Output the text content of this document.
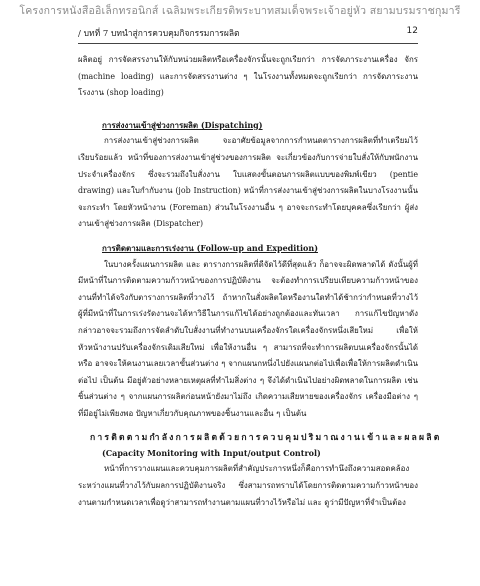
โครงการหนังสืออิเล็กทรอนิกส์ เฉลิมพระเกียรติพระบาทสมเด็จพระเจ้าอยู่หัว สยามบรมราชกุมารี
/ บทที่ 7 บทนำสู่การควบคุมกิจกรรมการผลิต	12

ผลิตอยู่ การจัดสรรงานให้กับหน่วยผลิตหรือเครื่องจักรนั้นจะถูกเรียกว่า การจัดภาระงานเครื่อง จักร (machine loading) และการจัดสรรงานต่าง ๆ ในโรงงานทั้งหมดจะถูกเรียกว่า การจัดภาระงาน โรงงาน (shop loading)

การส่งงานเข้าสู่ช่วงการผลิต (Dispatching)

การส่งงานเข้าสู่ช่วงการผลิต จะอาศัยข้อมูลจากการกำหนดตารางการผลิตที่ทำเตรียมไว้เรียบร้อยแล้ว หน้าที่ของการส่งงานเข้าสู่ช่วงของการผลิต จะเกี่ยวข้องกับการจ่ายใบสั่งให้กับพนักงานประจำเครื่องจักร ซึ่งจะรวมถึงใบสั่งงาน ใบแสดงขั้นตอนการผลิตแบบของพิมพ์เขียว (pentie drawing) และใบกำกับงาน (job Instruction) หน้าที่การส่งงานเข้าสู่ช่วงการผลิตในบางโรงงานนั้น จะกระทำ โดยหัวหน้างาน (Foreman) ส่วนในโรงงานอื่น ๆ อาจจะกระทำโดยบุคคลซึ่งเรียกว่า ผู้ส่งงานเข้าสู่ช่วงการผลิต (Dispatcher)

การติดตามและการเร่งงาน (Follow-up and Expedition)

ในบางครั้งแผนการผลิต และ ตารางการผลิตที่ดีจัดไว้ดีที่สุดแล้ว ก็อาจจะผิดพลาดได้ ดังนั้นผู้ที่มีหน้าที่ในการติดตามความก้าวหน้าของการปฏิบัติงาน จะต้องทำการเปรียบเทียบความก้าวหน้าของงานที่ทำได้จริงกับตารางการผลิตที่วางไว้ ถ้าหากในสั่งผลิตใดหรืองานใดทำได้ช้ากว่ากำหนดที่วางไว้ ผู้ที่มีหน้าที่ในการเร่งรัดงานจะได้หาวิธีในการแก้ไขได้อย่างถูกต้องและทันเวลา การแก้ไขปัญหาดังกล่าวอาจจะรวมถึงการจัดลำดับใบสั่งงานที่ทำงานบนเครื่องจักรใดเครื่องจักรหนึ่งเสียใหม่ เพื่อให้หัวหน้างานปรับเครื่องจักรเดิมเสียใหม่ เพื่อให้งานอื่น ๆ สามารถที่จะทำการผลิตบนเครื่องจักรนั้นได้ หรือ อาจจะให้คนงานเลยเวลาขั้นส่วนต่าง ๆ จากแผนกหนึ่งไปยังแผนกต่อไปเพื่อเพื่อให้การผลิตดำเนินต่อไป เป็นต้น มีอยู่ตัวอย่างหลายเหตุผลที่ทำไมสิ่งต่าง ๆ จึงได้ดำเนินไปอย่างผิดพลาดในการผลิต เช่น ชิ้นส่วนต่าง ๆ จากแผนการผลิตก่อนหน้ายังมาไม่ถึง เกิดความเสียหายของเครื่องจักร เครื่องมือต่าง ๆ ที่มีอยู่ไม่เพียงพอ ปัญหาเกี่ยวกับคุณภาพของชิ้นงานและอื่น ๆ เป็นต้น

การติดตามกำลังการผลิตด้วยการควบคุมปริมาณงานเข้าและผลผลิต
(Capacity Monitoring with Input/output Control)

หน้าที่การวางแผนและควบคุมการผลิตที่สำคัญประการหนึ่งก็คือการทำนึงถึงความสอดคล้องระหว่างแผนที่วางไว้กับผลการปฏิบัติงานจริง ซึ่งสามารถทราบได้โดยการติดตามความก้าวหน้าของงานตามกำหนดเวลาเพื่อดูว่าสามารถทำงานตามแผนที่วางไว้หรือไม่ และ ดูว่ามีปัญหาที่จำเป็นต้อง
